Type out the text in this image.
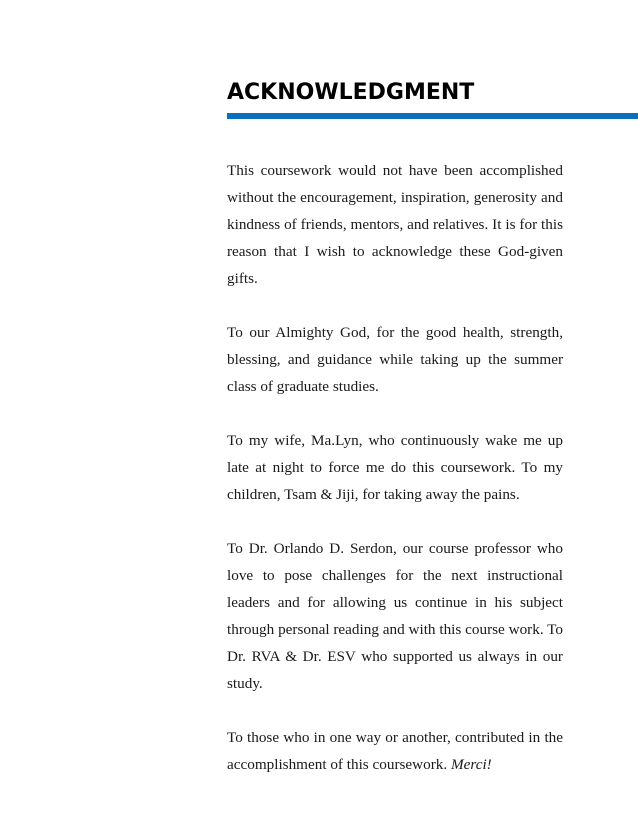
ACKNOWLEDGMENT

This coursework would not have been accomplished without the encouragement, inspiration, generosity and kindness of friends, mentors, and relatives. It is for this reason that I wish to acknowledge these God-given gifts.

To our Almighty God, for the good health, strength, blessing, and guidance while taking up the summer class of graduate studies.

To my wife, Ma.Lyn, who continuously wake me up late at night to force me do this coursework. To my children, Tsam & Jiji, for taking away the pains.

To Dr. Orlando D. Serdon, our course professor who love to pose challenges for the next instructional leaders and for allowing us continue in his subject through personal reading and with this course work. To Dr. RVA & Dr. ESV who supported us always in our study.

To those who in one way or another, contributed in the accomplishment of this coursework. Merci!
